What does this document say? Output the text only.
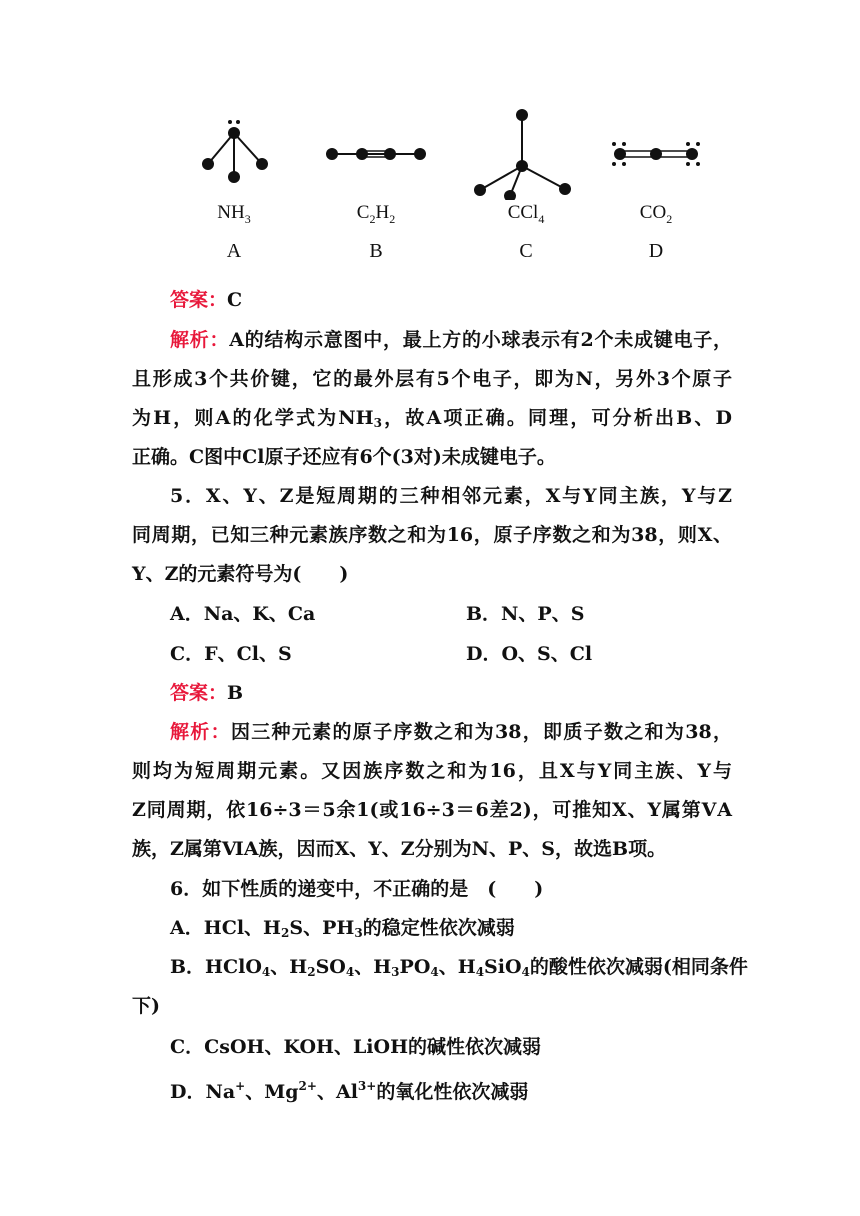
$NH_3$
A
$C_2H_2$
B
CCl$_4$
C
$CO_2$
D
答案：C
解析：A的结构示意图中，最上方的小球表示有2个未成键电子，
且形成3个共价键，它的最外层有5个电子，即为N，另外3个原子
为H，则A的化学式为$NH_3$，故A项正确。同理，可分析出B、D
正确。C图中Cl原子还应有6个(3对)未成键电子。
5．X、Y、Z是短周期的三种相邻元素，X与Y同主族，Y与Z
同周期，已知三种元素族序数之和为16，原子序数之和为38，则X、
Y、Z的元素符号为(　　)
A．Na、K、Ca	B．N、P、S
C．F、Cl、S	D．O、S、Cl
答案：B
解析：因三种元素的原子序数之和为38，即质子数之和为38，
则均为短周期元素。又因族序数之和为16，且X与Y同主族、Y与
Z同周期，依16÷3＝5余1(或16÷3＝6差2)，可推知X、Y属第ⅤA
族，Z属第ⅥA族，因而X、Y、Z分别为N、P、S，故选B项。
6．如下性质的递变中，不正确的是　(　　)
A．HCl、$H_2S$、$PH_3$的稳定性依次减弱
B．HClO$_4$、$H_2SO_4$、$H_3PO_4$、$H_4SiO_4$的酸性依次减弱(相同条件
下)
C．CsOH、KOH、LiOH的碱性依次减弱
D．Na+、$Mg^{2+}$、$Al^{3+}$的氧化性依次减弱
